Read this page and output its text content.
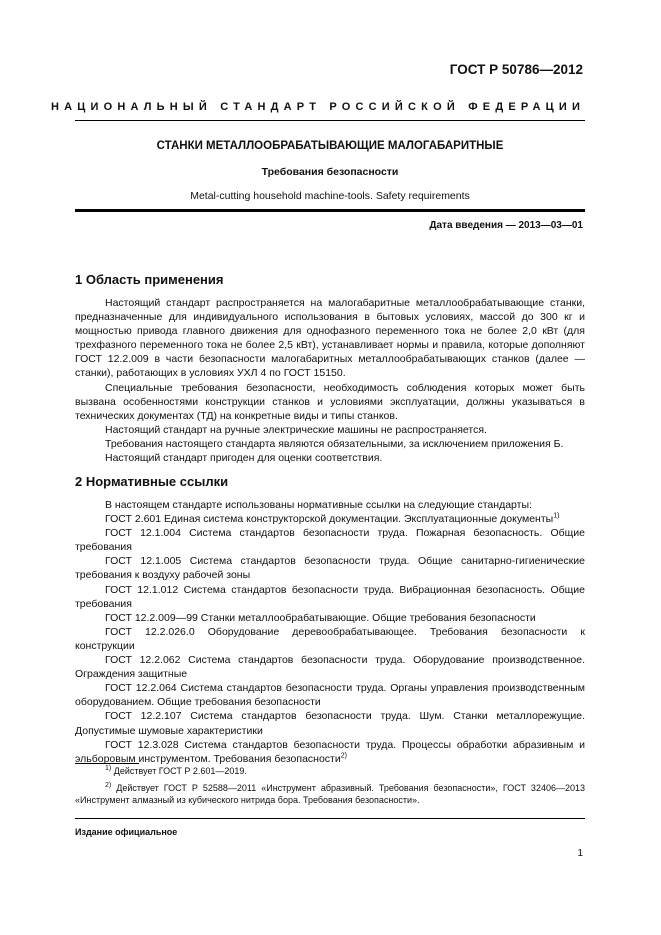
ГОСТ Р 50786—2012
НАЦИОНАЛЬНЫЙ СТАНДАРТ РОССИЙСКОЙ ФЕДЕРАЦИИ
СТАНКИ МЕТАЛЛООБРАБАТЫВАЮЩИЕ МАЛОГАБАРИТНЫЕ
Требования безопасности
Metal-cutting household machine-tools. Safety requirements
Дата введения — 2013—03—01
1 Область применения

Настоящий стандарт распространяется на малогабаритные металлообрабатывающие станки, предназначенные для индивидуального использования в бытовых условиях, массой до 300 кг и мощностью привода главного движения для однофазного переменного тока не более 2,0 кВт (для трехфазного переменного тока не более 2,5 кВт), устанавливает нормы и правила, которые дополняют ГОСТ 12.2.009 в части безопасности малогабаритных металлообрабатывающих станков (далее — станки), работающих в условиях УХЛ 4 по ГОСТ 15150.

Специальные требования безопасности, необходимость соблюдения которых может быть вызвана особенностями конструкции станков и условиями эксплуатации, должны указываться в технических документах (ТД) на конкретные виды и типы станков.

Настоящий стандарт на ручные электрические машины не распространяется.

Требования настоящего стандарта являются обязательными, за исключением приложения Б.

Настоящий стандарт пригоден для оценки соответствия.

2 Нормативные ссылки

В настоящем стандарте использованы нормативные ссылки на следующие стандарты:

ГОСТ 2.601 Единая система конструкторской документации. Эксплуатационные документы$^{1)}$

ГОСТ 12.1.004 Система стандартов безопасности труда. Пожарная безопасность. Общие требования

ГОСТ 12.1.005 Система стандартов безопасности труда. Общие санитарно-гигиенические требования к воздуху рабочей зоны

ГОСТ 12.1.012 Система стандартов безопасности труда. Вибрационная безопасность. Общие требования

ГОСТ 12.2.009—99 Станки металлообрабатывающие. Общие требования безопасности

ГОСТ 12.2.026.0 Оборудование деревообрабатывающее. Требования безопасности к конструкции

ГОСТ 12.2.062 Система стандартов безопасности труда. Оборудование производственное. Ограждения защитные

ГОСТ 12.2.064 Система стандартов безопасности труда. Органы управления производственным оборудованием. Общие требования безопасности

ГОСТ 12.2.107 Система стандартов безопасности труда. Шум. Станки металлорежущие. Допустимые шумовые характеристики

ГОСТ 12.3.028 Система стандартов безопасности труда. Процессы обработки абразивным и эльборовым инструментом. Требования безопасности$^{2)}$

$^{1)}$ Действует ГОСТ Р 2.601—2019.

$^{2)}$ Действует ГОСТ Р 52588—2011 «Инструмент абразивный. Требования безопасности», ГОСТ 32406—2013 «Инструмент алмазный из кубического нитрида бора. Требования безопасности».

Издание официальное
1
